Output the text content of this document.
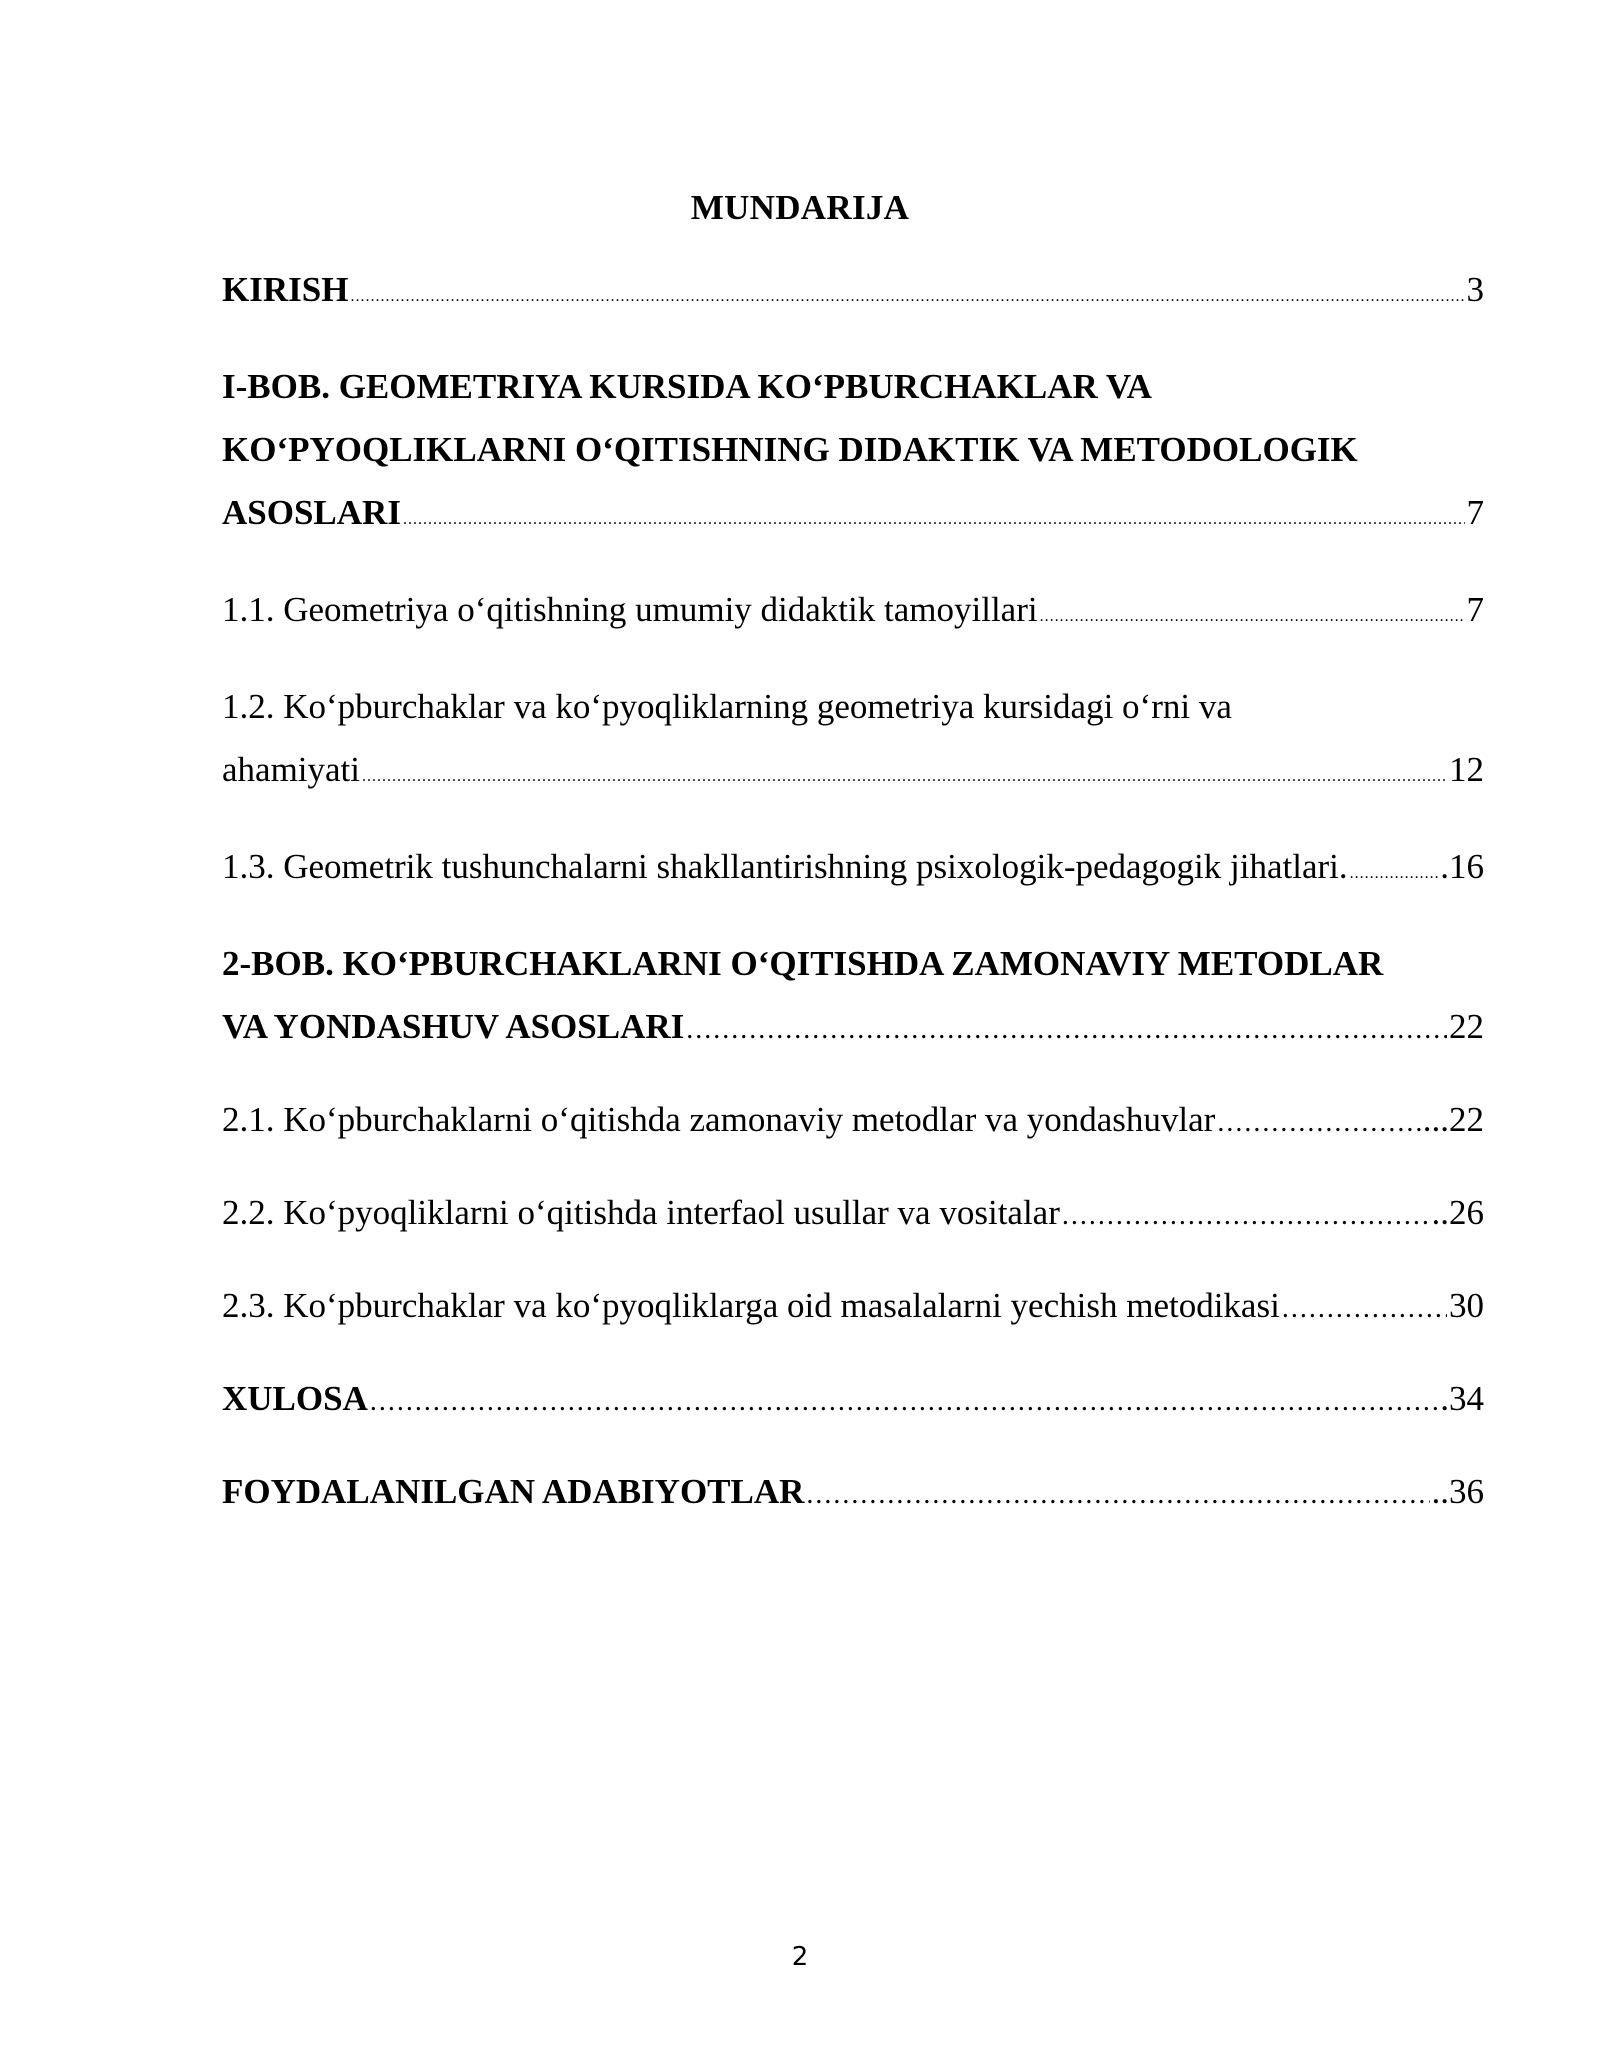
MUNDARIJA
KIRISH .....	3
I-BOB. GEOMETRIYA KURSIDA KO‘PBURCHAKLAR VA
KO‘PYOQLIKLARNI O‘QITISHNING DIDAKTIK VA METODOLOGIK
ASOSLARI .....	7
1.1. Geometriya o‘qitishning umumiy didaktik tamoyillari .....	7
1.2. Ko‘pburchaklar va ko‘pyoqliklarning geometriya kursidagi o‘rni va
ahamiyati .....	12
1.3. Geometrik tushunchalarni shakllantirishning psixologik-pedagogik jihatlari. .....	.16
2-BOB. KO‘PBURCHAKLARNI O‘QITISHDA ZAMONAVIY METODLAR
VA YONDASHUV ASOSLARI .....	22
2.1. Ko‘pburchaklarni o‘qitishda zamonaviy metodlar va yondashuvlar .....	...22
2.2. Ko‘pyoqliklarni o‘qitishda interfaol usullar va vositalar .....	..26
2.3. Ko‘pburchaklar va ko‘pyoqliklarga oid masalalarni yechish metodikasi .....	30
XULOSA .....	.34
FOYDALANILGAN ADABIYOTLAR .....	..36
2
